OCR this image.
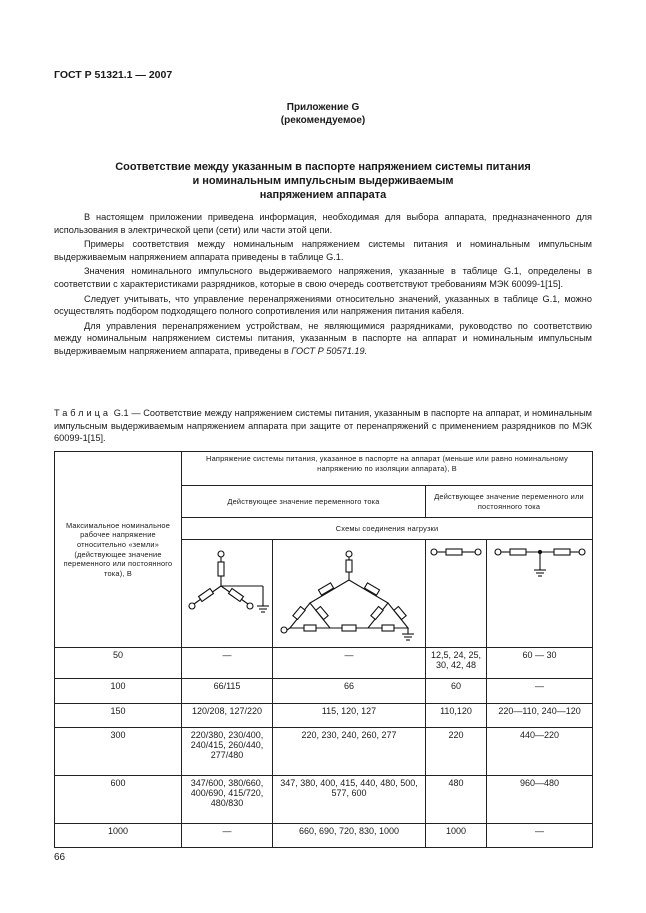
ГОСТ Р 51321.1 — 2007
Приложение G
(рекомендуемое)
Соответствие между указанным в паспорте напряжением системы питания
и номинальным импульсным выдерживаемым
напряжением аппарата

В настоящем приложении приведена информация, необходимая для выбора аппарата, предназначенного для использования в электрической цепи (сети) или части этой цепи.

Примеры соответствия между номинальным напряжением системы питания и номинальным импульсным выдерживаемым напряжением аппарата приведены в таблице G.1.

Значения номинального импульсного выдерживаемого напряжения, указанные в таблице G.1, определены в соответствии с характеристиками разрядников, которые в свою очередь соответствуют требованиям МЭК 60099-1[15].

Следует учитывать, что управление перенапряжениями относительно значений, указанных в таблице G.1, можно осуществлять подбором подходящего полного сопротивления или напряжения питания кабеля.

Для управления перенапряжением устройствам, не являющимися разрядниками, руководство по соответствию между номинальным напряжением системы питания, указанным в паспорте на аппарат и номинальным импульсным выдерживаемым напряжением аппарата, приведены в ГОСТ Р 50571.19.

Таблица G.1 — Соответствие между напряжением системы питания, указанным в паспорте на аппарат, и номинальным импульсным выдерживаемым напряжением аппарата при защите от перенапряжений с применением разрядников по МЭК 60099-1[15].
Максимальное номинальное рабочее напряжение относительно «земли» (действующее значение переменного или постоянного тока), В	Напряжение системы питания, указанное в паспорте на аппарат (меньше или равно номинальному напряжению по изоляции аппарата), В			
	Действующее значение переменного тока		Действующее значение переменного или постоянного тока	
	Схемы соединения нагрузки			

50	—	—	12,5, 24, 25, 30, 42, 48	60 — 30
100	66/115	66	60	—
150	120/208, 127/220	115, 120, 127	110,120	220—110, 240—120
300	220/380, 230/400, 240/415, 260/440, 277/480	220, 230, 240, 260, 277	220	440—220
600	347/600, 380/660, 400/690, 415/720, 480/830	347, 380, 400, 415, 440, 480, 500, 577, 600	480	960—480
1000	—	660, 690, 720, 830, 1000	1000	—
66
